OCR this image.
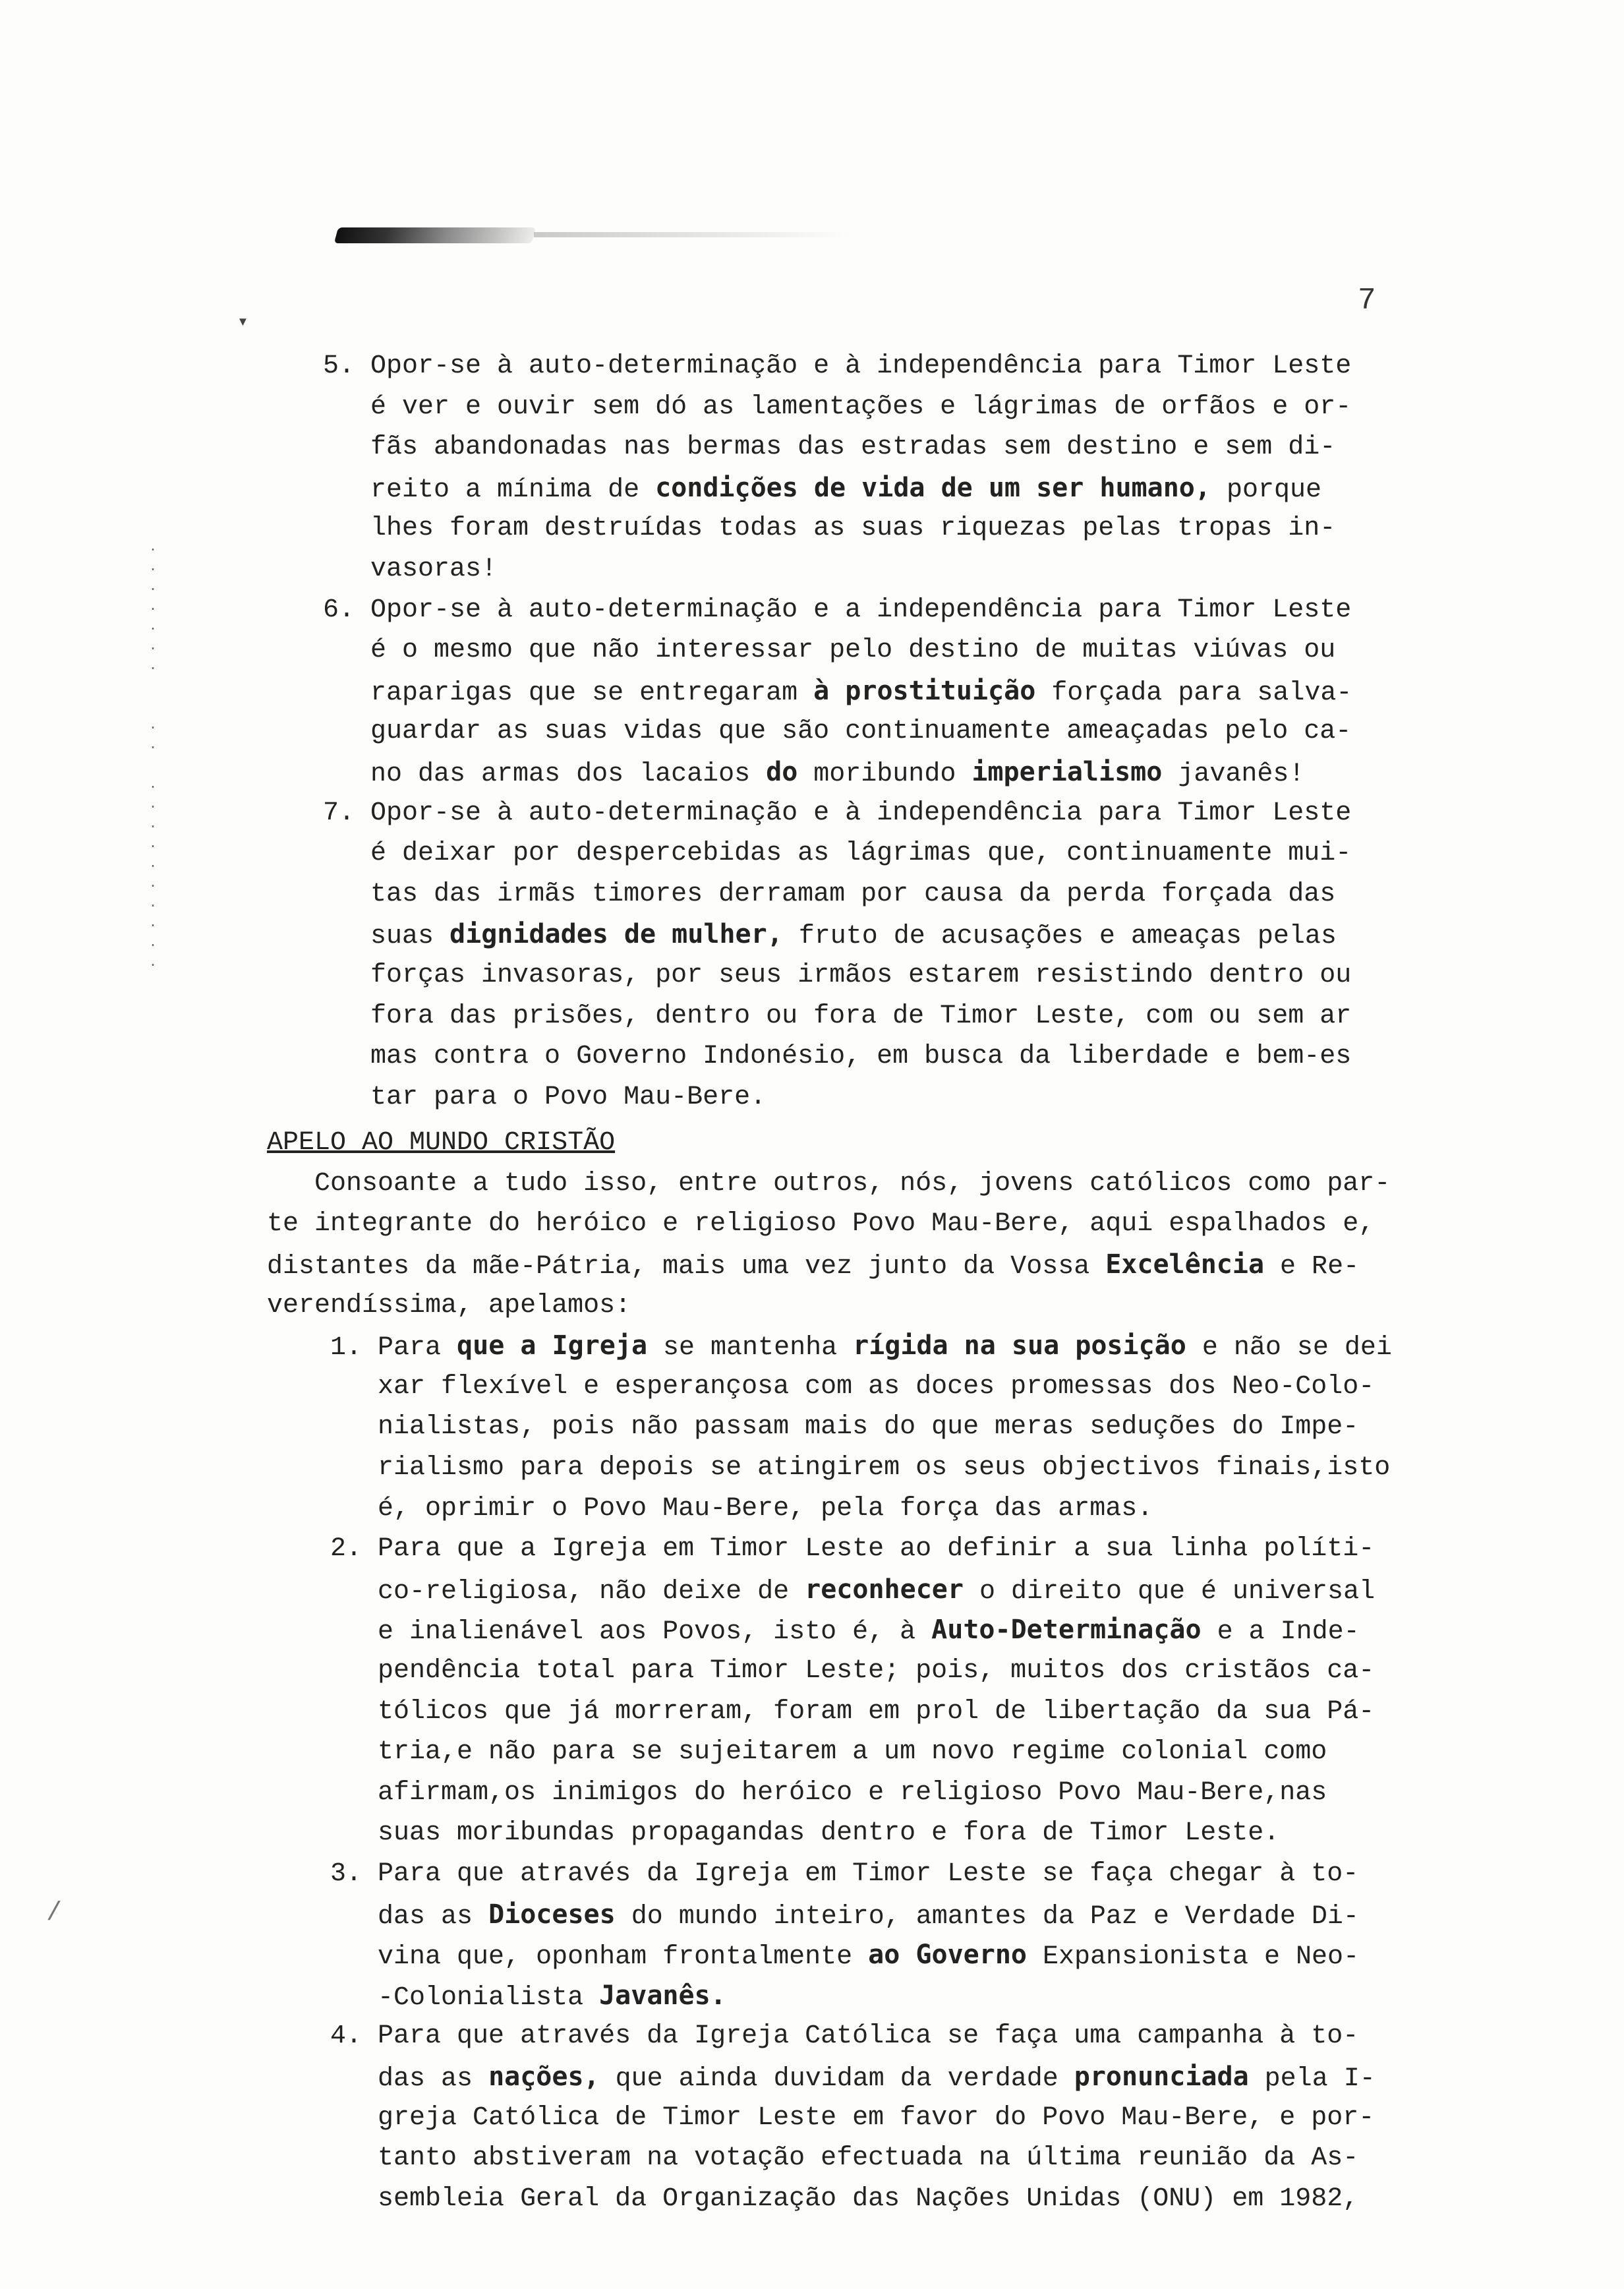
▾
·
·
·
·
·
·
·

·
·

·
·
·
·
·
·
·
·
·
·
/
7
5. Opor-se à auto-determinação e à independência para Timor Leste
é ver e ouvir sem dó as lamentações e lágrimas de orfãos e or-
fãs abandonadas nas bermas das estradas sem destino e sem di-
reito a mínima de condições de vida de um ser humano, porque
lhes foram destruídas todas as suas riquezas pelas tropas in-
vasoras!
6. Opor-se à auto-determinação e a independência para Timor Leste
é o mesmo que não interessar pelo destino de muitas viúvas ou
raparigas que se entregaram à prostituição forçada para salva-
guardar as suas vidas que são continuamente ameaçadas pelo ca-
no das armas dos lacaios do moribundo imperialismo javanês!
7. Opor-se à auto-determinação e à independência para Timor Leste
é deixar por despercebidas as lágrimas que, continuamente mui-
tas das irmãs timores derramam por causa da perda forçada das
suas dignidades de mulher, fruto de acusações e ameaças pelas
forças invasoras, por seus irmãos estarem resistindo dentro ou
fora das prisões, dentro ou fora de Timor Leste, com ou sem ar
mas contra o Governo Indonésio, em busca da liberdade e bem-es
tar para o Povo Mau-Bere.
APELO AO MUNDO CRISTÃO
Consoante a tudo isso, entre outros, nós, jovens católicos como par-
te integrante do heróico e religioso Povo Mau-Bere, aqui espalhados e,
distantes da mãe-Pátria, mais uma vez junto da Vossa Excelência e Re-
verendíssima, apelamos:
1. Para que a Igreja se mantenha rígida na sua posição e não se dei
xar flexível e esperançosa com as doces promessas dos Neo-Colo-
nialistas, pois não passam mais do que meras seduções do Impe-
rialismo para depois se atingirem os seus objectivos finais,isto
é, oprimir o Povo Mau-Bere, pela força das armas.
2. Para que a Igreja em Timor Leste ao definir a sua linha políti-
co-religiosa, não deixe de reconhecer o direito que é universal
e inalienável aos Povos, isto é, à Auto-Determinação e a Inde-
pendência total para Timor Leste; pois, muitos dos cristãos ca-
tólicos que já morreram, foram em prol de libertação da sua Pá-
tria,e não para se sujeitarem a um novo regime colonial como
afirmam,os inimigos do heróico e religioso Povo Mau-Bere,nas
suas moribundas propagandas dentro e fora de Timor Leste.
3. Para que através da Igreja em Timor Leste se faça chegar à to-
das as Dioceses do mundo inteiro, amantes da Paz e Verdade Di-
vina que, oponham frontalmente ao Governo Expansionista e Neo-
-Colonialista Javanês.
4. Para que através da Igreja Católica se faça uma campanha à to-
das as nações, que ainda duvidam da verdade pronunciada pela I-
greja Católica de Timor Leste em favor do Povo Mau-Bere, e por-
tanto abstiveram na votação efectuada na última reunião da As-
sembleia Geral da Organização das Nações Unidas (ONU) em 1982,
